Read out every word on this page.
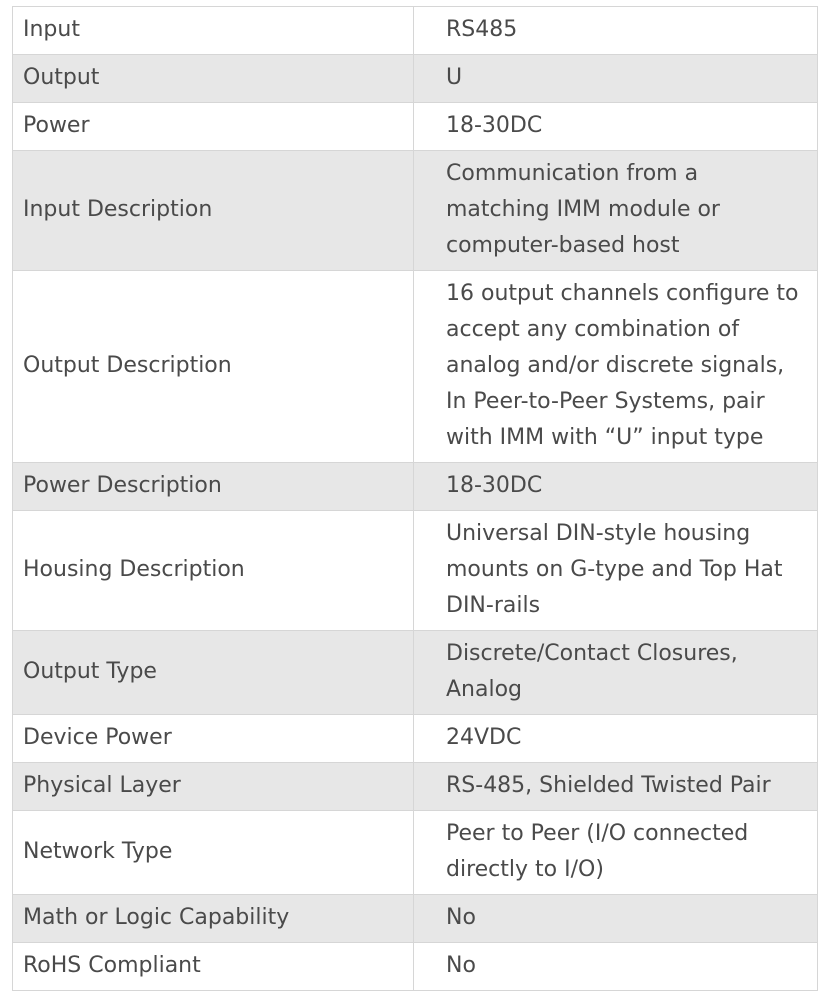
Input	RS485
Output	U
Power	18-30DC
Input Description	Communication from a matching IMM module or computer-based host
Output Description	16 output channels configure to accept any combination of analog and/or discrete signals, In Peer-to-Peer Systems, pair with IMM with “U” input type
Power Description	18-30DC
Housing Description	Universal DIN-style housing mounts on G-type and Top Hat DIN-rails
Output Type	Discrete/Contact Closures, Analog
Device Power	24VDC
Physical Layer	RS-485, Shielded Twisted Pair
Network Type	Peer to Peer (I/O connected directly to I/O)
Math or Logic Capability	No
RoHS Compliant	No
